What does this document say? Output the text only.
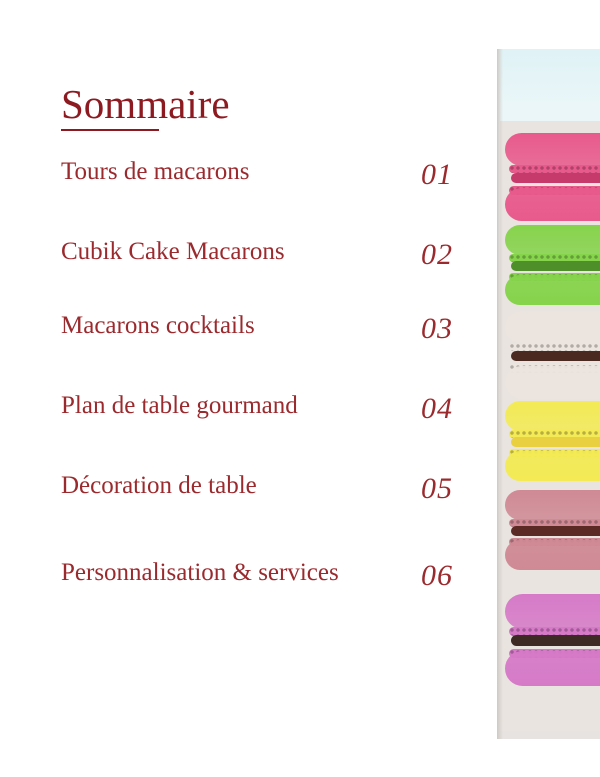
Sommaire
Tours de macarons	01
Cubik Cake Macarons	02
Macarons cocktails	03
Plan de table gourmand	04
Décoration de table	05
Personnalisation & services	06
